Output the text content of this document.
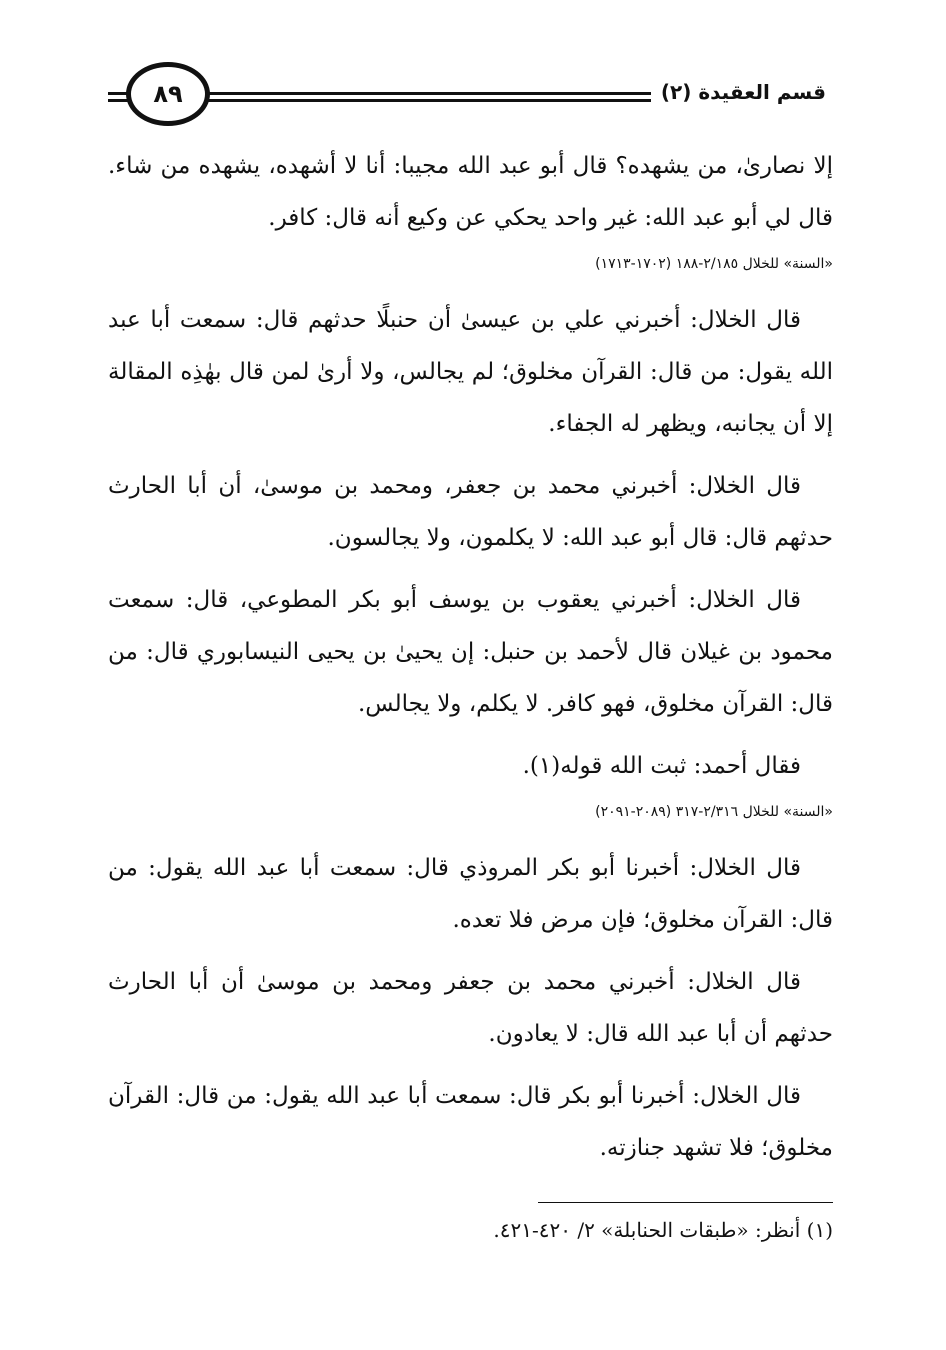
قسم العقيدة (٢)
٨٩

إلا نصارىٰ، من يشهده؟ قال أبو عبد الله مجيبا: أنا لا أشهده، يشهده من شاء. قال لي أبو عبد الله: غير واحد يحكي عن وكيع أنه قال: كافر.

«السنة» للخلال ٢/١٨٥-١٨٨ (١٧٠٢-١٧١٣)

قال الخلال: أخبرني علي بن عيسىٰ أن حنبلًا حدثهم قال: سمعت أبا عبد الله يقول: من قال: القرآن مخلوق؛ لم يجالس، ولا أرىٰ لمن قال بهٰذِه المقالة إلا أن يجانبه، ويظهر له الجفاء.

قال الخلال: أخبرني محمد بن جعفر، ومحمد بن موسىٰ، أن أبا الحارث حدثهم قال: قال أبو عبد الله: لا يكلمون، ولا يجالسون.

قال الخلال: أخبرني يعقوب بن يوسف أبو بكر المطوعي، قال: سمعت محمود بن غيلان قال لأحمد بن حنبل: إن يحيىٰ بن يحيى النيسابوري قال: من قال: القرآن مخلوق، فهو كافر. لا يكلم، ولا يجالس.

فقال أحمد: ثبت الله قوله(١).

«السنة» للخلال ٢/٣١٦-٣١٧ (٢٠٨٩-٢٠٩١)

قال الخلال: أخبرنا أبو بكر المروذي قال: سمعت أبا عبد الله يقول: من قال: القرآن مخلوق؛ فإن مرض فلا تعده.

قال الخلال: أخبرني محمد بن جعفر ومحمد بن موسىٰ أن أبا الحارث حدثهم أن أبا عبد الله قال: لا يعادون.

قال الخلال: أخبرنا أبو بكر قال: سمعت أبا عبد الله يقول: من قال: القرآن مخلوق؛ فلا تشهد جنازته.

(١) أنظر: «طبقات الحنابلة» ٢/ ٤٢٠-٤٢١.
